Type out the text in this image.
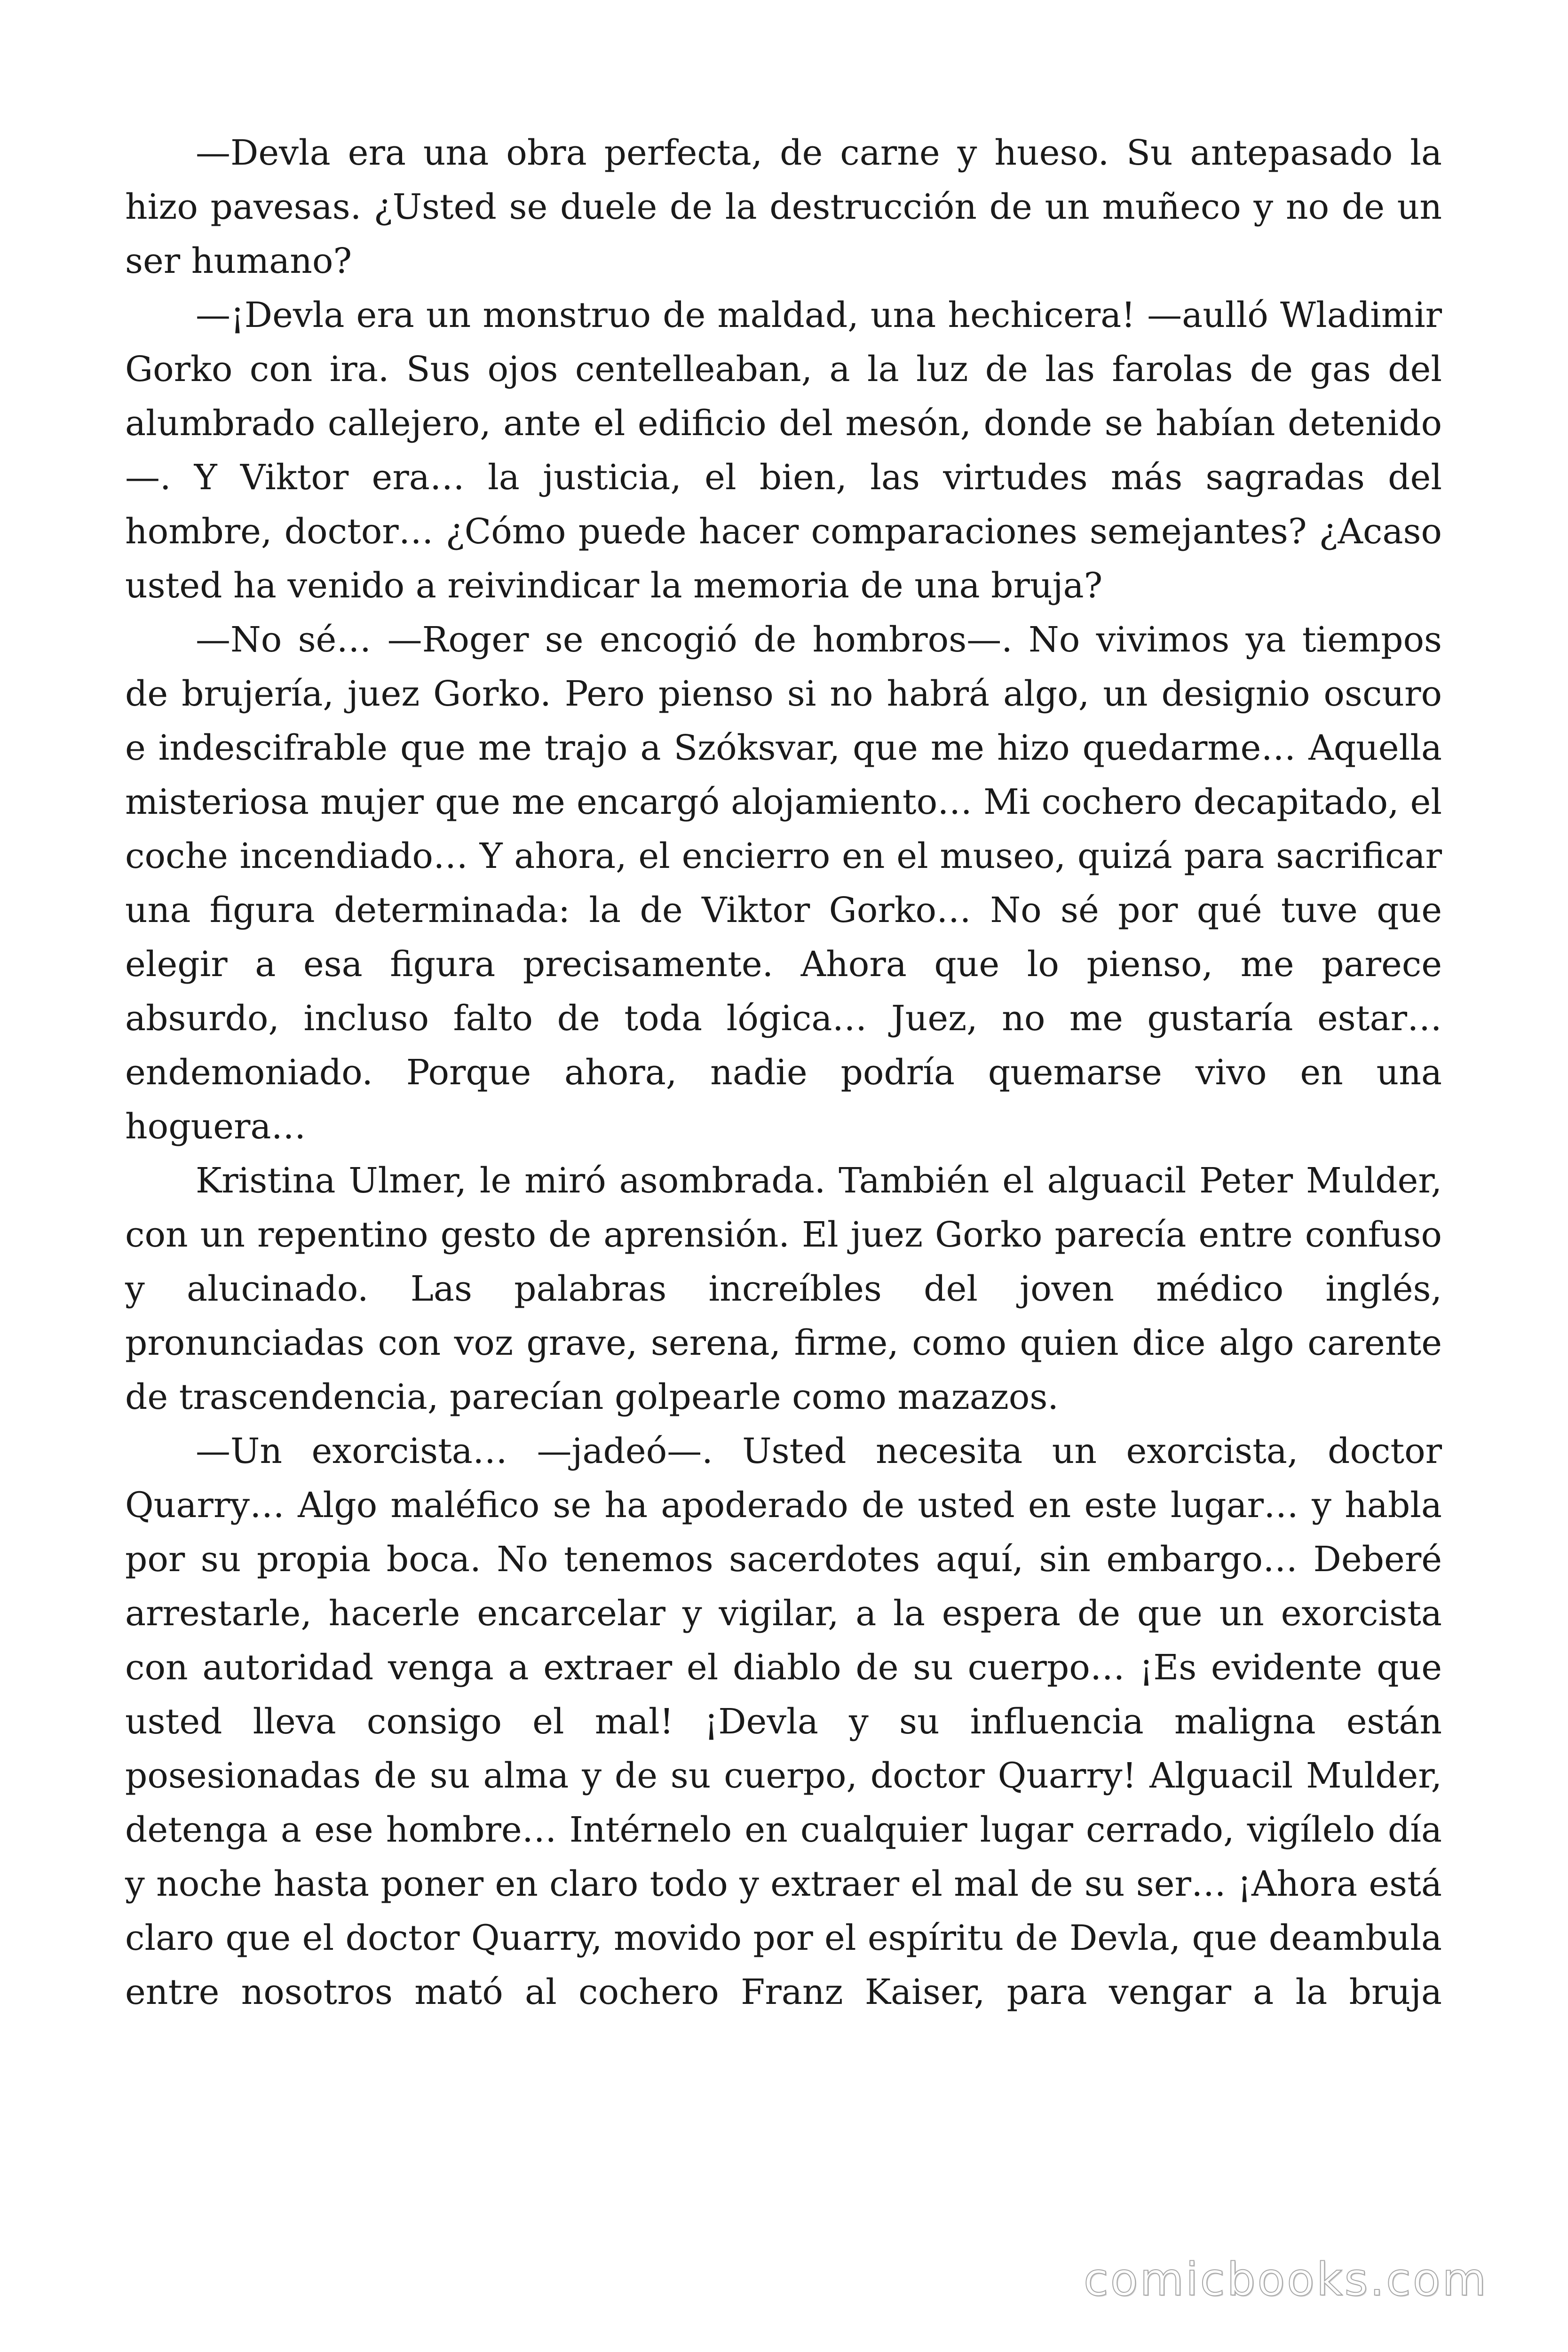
—Devla era una obra perfecta, de carne y hueso. Su antepasado la hizo pavesas. ¿Usted se duele de la destrucción de un muñeco y no de un ser humano?

—¡Devla era un monstruo de maldad, una hechicera! —aulló Wladimir Gorko con ira. Sus ojos centelleaban, a la luz de las farolas de gas del alumbrado callejero, ante el edificio del mesón, donde se habían detenido—. Y Viktor era… la justicia, el bien, las virtudes más sagradas del hombre, doctor… ¿Cómo puede hacer comparaciones semejantes? ¿Acaso usted ha venido a reivindicar la memoria de una bruja?

—No sé… —Roger se encogió de hombros—. No vivimos ya tiempos de brujería, juez Gorko. Pero pienso si no habrá algo, un designio oscuro e indescifrable que me trajo a Szóksvar, que me hizo quedarme… Aquella misteriosa mujer que me encargó alojamiento… Mi cochero decapitado, el coche incendiado… Y ahora, el encierro en el museo, quizá para sacrificar una figura determinada: la de Viktor Gorko… No sé por qué tuve que elegir a esa figura precisamente. Ahora que lo pienso, me parece absurdo, incluso falto de toda lógica… Juez, no me gustaría estar… endemoniado. Porque ahora, nadie podría quemarse vivo en una hoguera…

Kristina Ulmer, le miró asombrada. También el alguacil Peter Mulder, con un repentino gesto de aprensión. El juez Gorko parecía entre confuso y alucinado. Las palabras increíbles del joven médico inglés, pronunciadas con voz grave, serena, firme, como quien dice algo carente de trascendencia, parecían golpearle como mazazos.

—Un exorcista… —jadeó—. Usted necesita un exorcista, doctor Quarry… Algo maléfico se ha apoderado de usted en este lugar… y habla por su propia boca. No tenemos sacerdotes aquí, sin embargo… Deberé arrestarle, hacerle encarcelar y vigilar, a la espera de que un exorcista con autoridad venga a extraer el diablo de su cuerpo… ¡Es evidente que usted lleva consigo el mal! ¡Devla y su influencia maligna están posesionadas de su alma y de su cuerpo, doctor Quarry! Alguacil Mulder, detenga a ese hombre… Intérnelo en cualquier lugar cerrado, vigílelo día y noche hasta poner en claro todo y extraer el mal de su ser… ¡Ahora está claro que el doctor Quarry, movido por el espíritu de Devla, que deambula entre nosotros mató al cochero Franz Kaiser, para vengar a la bruja

comicbooks.com
